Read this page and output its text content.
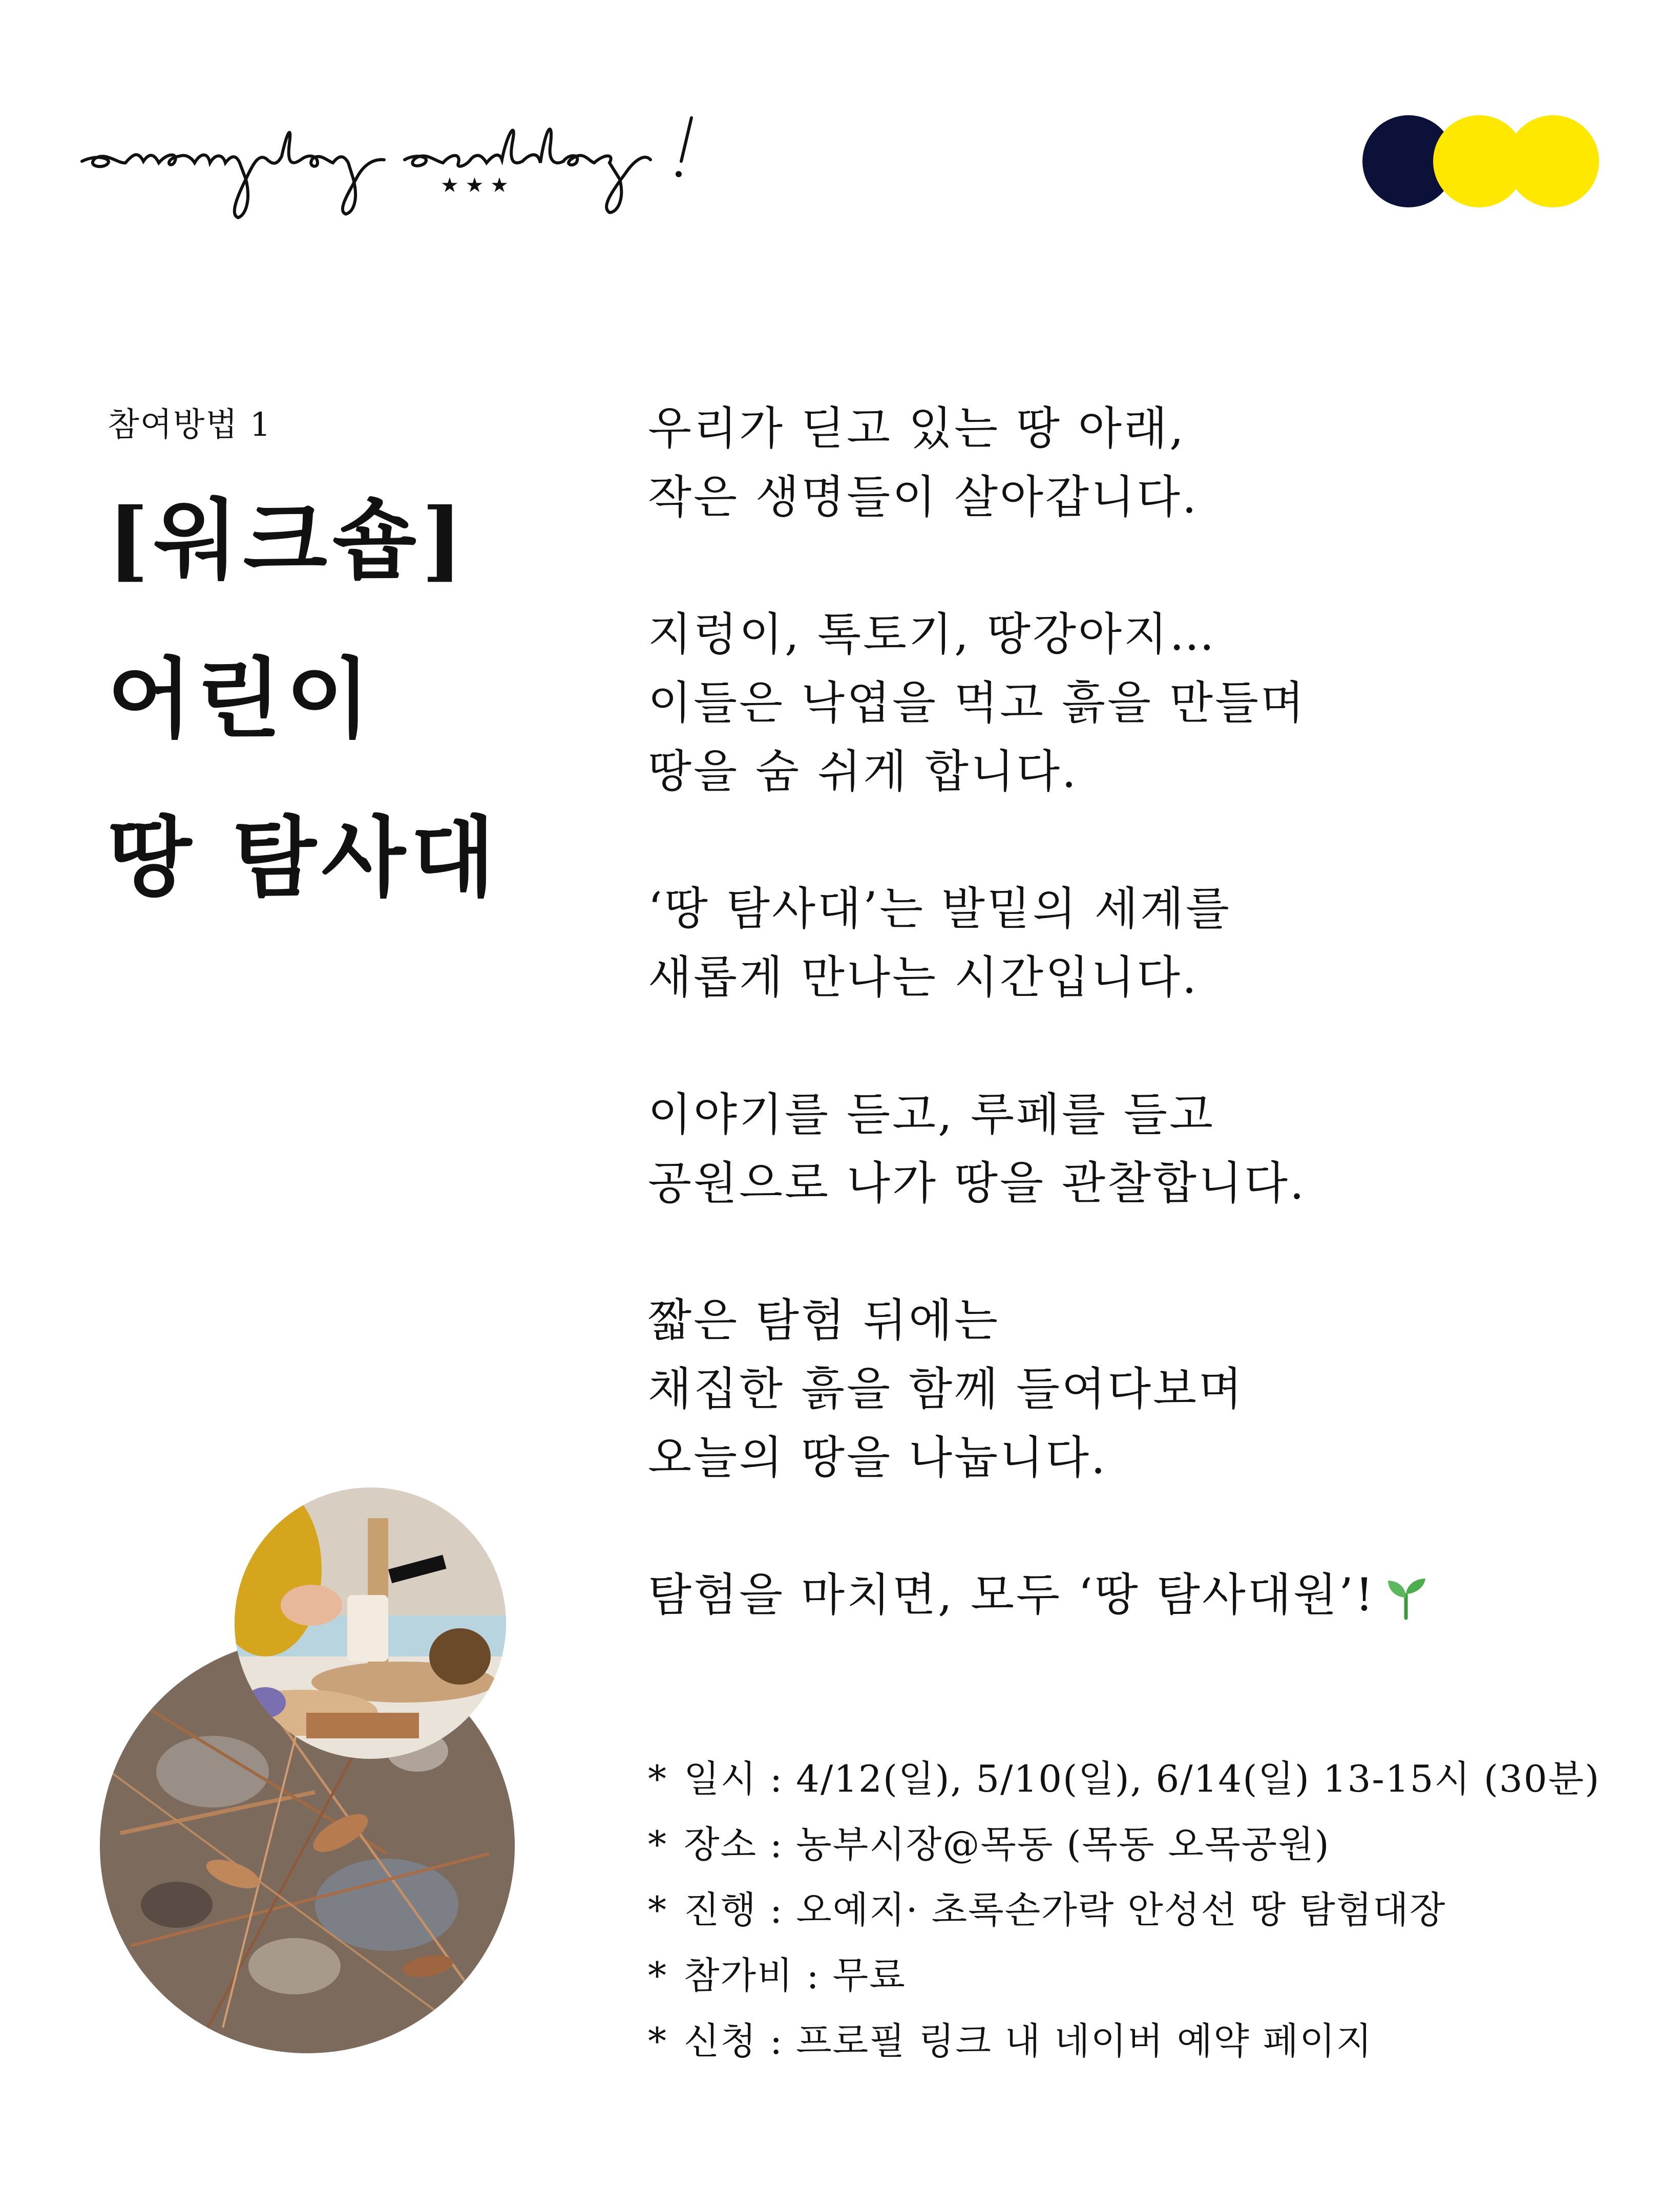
★ ★ ★
참여방법 1
[워크숍]
어린이
땅 탐사대

우리가 딛고 있는 땅 아래,
작은 생명들이 살아갑니다.

지렁이, 톡토기, 땅강아지…
이들은 낙엽을 먹고 흙을 만들며
땅을 숨 쉬게 합니다.

‘땅 탐사대’는 발밑의 세계를
새롭게 만나는 시간입니다.

이야기를 듣고, 루페를 들고
공원으로 나가 땅을 관찰합니다.

짧은 탐험 뒤에는
채집한 흙을 함께 들여다보며
오늘의 땅을 나눕니다.

탐험을 마치면, 모두 ‘땅 탐사대원’!

* 일시 : 4/12(일), 5/10(일), 6/14(일) 13-15시 (30분)
* 장소 : 농부시장@목동 (목동 오목공원)
* 진행 : 오예지· 초록손가락 안성선 땅 탐험대장
* 참가비 : 무료
* 신청 : 프로필 링크 내 네이버 예약 페이지
